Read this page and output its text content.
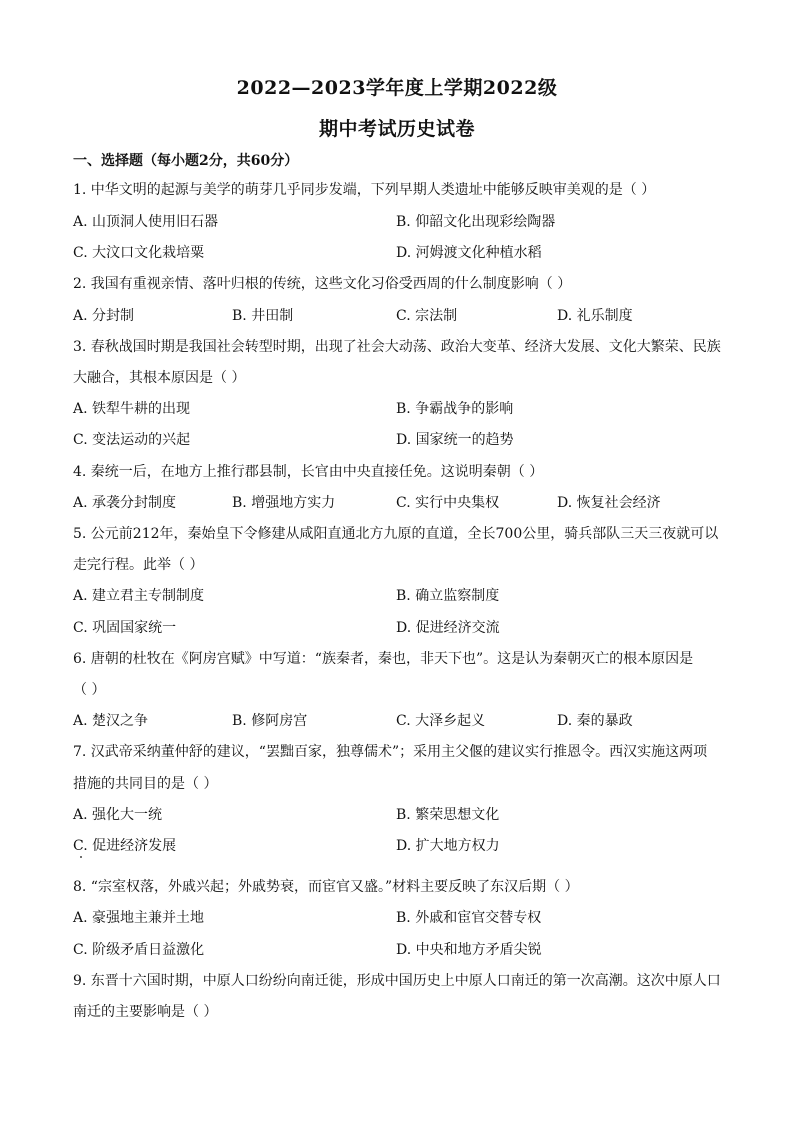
2022—2023学年度上学期2022级
期中考试历史试卷
一、选择题（每小题2分，共60分）
1. 中华文明的起源与美学的萌芽几乎同步发端，下列早期人类遗址中能够反映审美观的是（ ）
A. 山顶洞人使用旧石器	B. 仰韶文化出现彩绘陶器
C. 大汶口文化栽培粟	D. 河姆渡文化种植水稻
2. 我国有重视亲情、落叶归根的传统，这些文化习俗受西周的什么制度影响（ ）
A. 分封制	B. 井田制	C. 宗法制	D. 礼乐制度
3. 春秋战国时期是我国社会转型时期，出现了社会大动荡、政治大变革、经济大发展、文化大繁荣、民族
大融合，其根本原因是（ ）
A. 铁犁牛耕的出现	B. 争霸战争的影响
C. 变法运动的兴起	D. 国家统一的趋势
4. 秦统一后，在地方上推行郡县制，长官由中央直接任免。这说明秦朝（ ）
A. 承袭分封制度	B. 增强地方实力	C. 实行中央集权	D. 恢复社会经济
5. 公元前212年，秦始皇下令修建从咸阳直通北方九原的直道，全长700公里，骑兵部队三天三夜就可以
走完行程。此举（ ）
A. 建立君主专制制度	B. 确立监察制度
C. 巩固国家统一	D. 促进经济交流
6. 唐朝的杜牧在《阿房宫赋》中写道：“族秦者，秦也，非天下也”。这是认为秦朝灭亡的根本原因是
（ ）
A. 楚汉之争	B. 修阿房宫	C. 大泽乡起义	D. 秦的暴政
7. 汉武帝采纳董仲舒的建议，“罢黜百家，独尊儒术”；采用主父偃的建议实行推恩令。西汉实施这两项
措施的共同目的是（ ）
A. 强化大一统	B. 繁荣思想文化
C. 促进经济发展	D. 扩大地方权力
8. “宗室权落，外戚兴起；外戚势衰，而宦官又盛。”材料主要反映了东汉后期（ ）
A. 豪强地主兼并土地	B. 外戚和宦官交替专权
C. 阶级矛盾日益激化	D. 中央和地方矛盾尖锐
9. 东晋十六国时期，中原人口纷纷向南迁徙，形成中国历史上中原人口南迁的第一次高潮。这次中原人口
南迁的主要影响是（ ）
